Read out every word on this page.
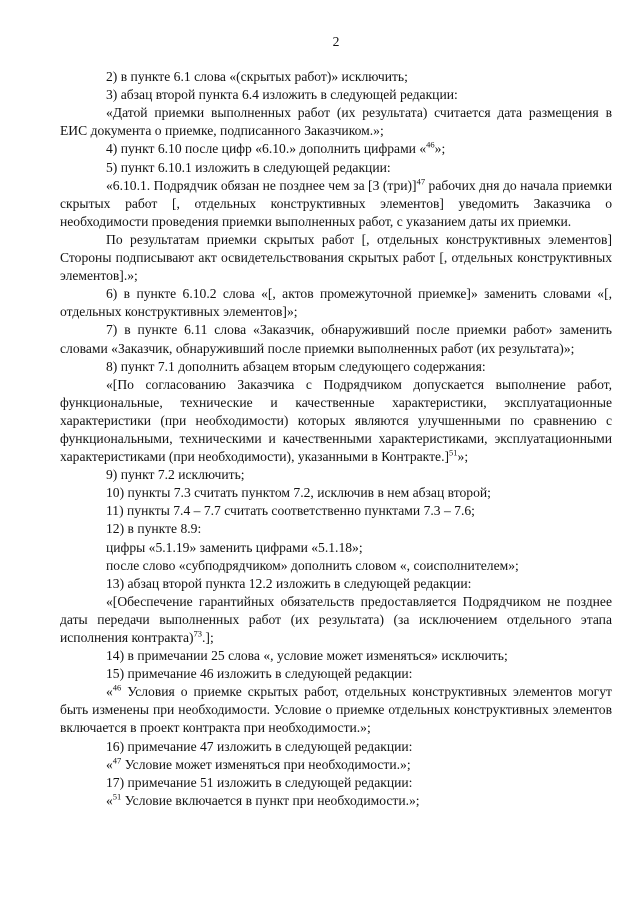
2

2) в пункте 6.1 слова «(скрытых работ)» исключить;

3) абзац второй пункта 6.4 изложить в следующей редакции:

«Датой приемки выполненных работ (их результата) считается дата размещения в ЕИС документа о приемке, подписанного Заказчиком.»;

4) пункт 6.10 после цифр «6.10.» дополнить цифрами «$^{46}$»;

5) пункт 6.10.1 изложить в следующей редакции:

«6.10.1. Подрядчик обязан не позднее чем за [3 (три)]$^{47}$ рабочих дня до начала приемки скрытых работ [, отдельных конструктивных элементов] уведомить Заказчика о необходимости проведения приемки выполненных работ, с указанием даты их приемки.

По результатам приемки скрытых работ [, отдельных конструктивных элементов] Стороны подписывают акт освидетельствования скрытых работ [, отдельных конструктивных элементов].»;

6) в пункте 6.10.2 слова «[, актов промежуточной приемке]» заменить словами «[, отдельных конструктивных элементов]»;

7) в пункте 6.11 слова «Заказчик, обнаруживший после приемки работ» заменить словами «Заказчик, обнаруживший после приемки выполненных работ (их результата)»;

8) пункт 7.1 дополнить абзацем вторым следующего содержания:

«[По согласованию Заказчика с Подрядчиком допускается выполнение работ, функциональные, технические и качественные характеристики, эксплуатационные характеристики (при необходимости) которых являются улучшенными по сравнению с функциональными, техническими и качественными характеристиками, эксплуатационными характеристиками (при необходимости), указанными в Контракте.]$^{51}$»;

9) пункт 7.2 исключить;

10) пункты 7.3 считать пунктом 7.2, исключив в нем абзац второй;

11) пункты 7.4 – 7.7 считать соответственно пунктами 7.3 – 7.6;

12) в пункте 8.9:

цифры «5.1.19» заменить цифрами «5.1.18»;

после слово «субподрядчиком» дополнить словом «, соисполнителем»;

13) абзац второй пункта 12.2 изложить в следующей редакции:

«[Обеспечение гарантийных обязательств предоставляется Подрядчиком не позднее даты передачи выполненных работ (их результата) (за исключением отдельного этапа исполнения контракта)$^{73}$.];

14) в примечании 25 слова «, условие может изменяться» исключить;

15) примечание 46 изложить в следующей редакции:

«$^{46}$ Условия о приемке скрытых работ, отдельных конструктивных элементов могут быть изменены при необходимости. Условие о приемке отдельных конструктивных элементов включается в проект контракта при необходимости.»;

16) примечание 47 изложить в следующей редакции:

«$^{47}$ Условие может изменяться при необходимости.»;

17) примечание 51 изложить в следующей редакции:

«$^{51}$ Условие включается в пункт при необходимости.»;
